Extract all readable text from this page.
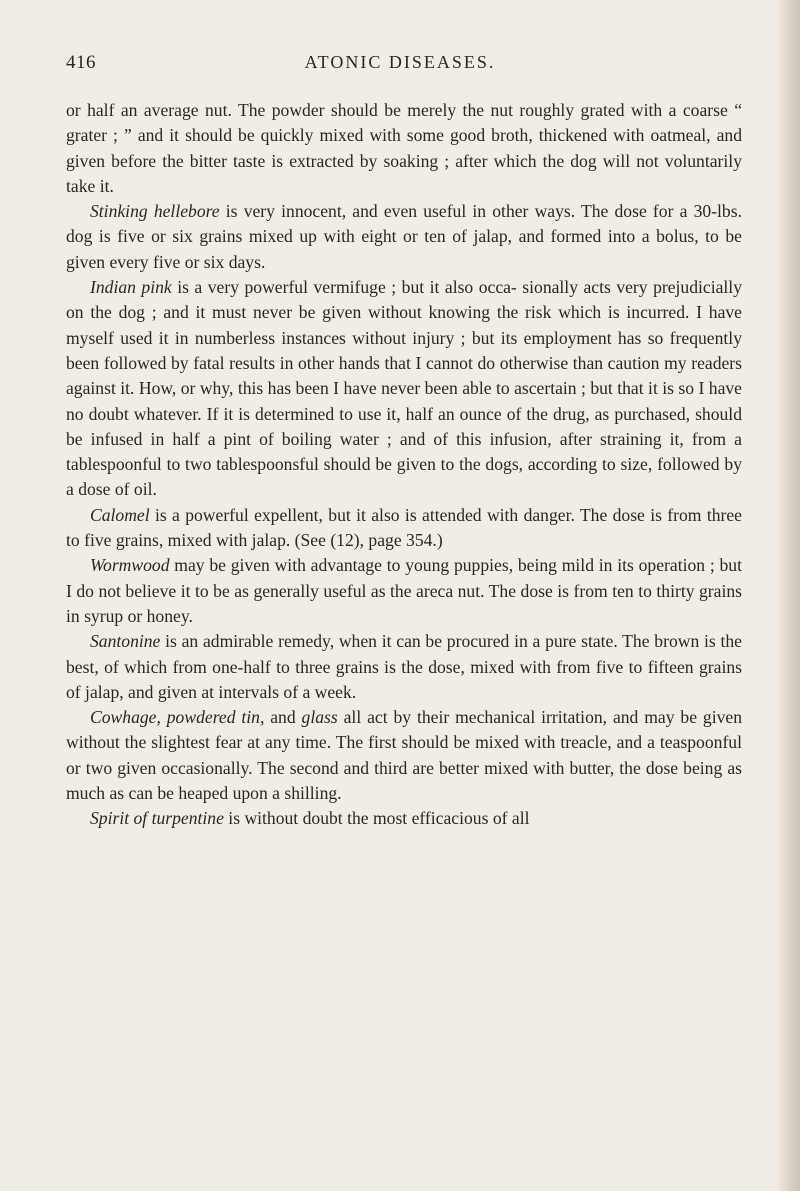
416	ATONIC DISEASES.

or half an average nut. The powder should be merely the nut roughly grated with a coarse “ grater ; ” and it should be quickly mixed with some good broth, thickened with oatmeal, and given before the bitter taste is extracted by soaking ; after which the dog will not voluntarily take it.

Stinking hellebore is very innocent, and even useful in other ways. The dose for a 30-lbs. dog is five or six grains mixed up with eight or ten of jalap, and formed into a bolus, to be given every five or six days.

Indian pink is a very powerful vermifuge ; but it also occa- sionally acts very prejudicially on the dog ; and it must never be given without knowing the risk which is incurred. I have myself used it in numberless instances without injury ; but its employment has so frequently been followed by fatal results in other hands that I cannot do otherwise than caution my readers against it. How, or why, this has been I have never been able to ascertain ; but that it is so I have no doubt whatever. If it is determined to use it, half an ounce of the drug, as purchased, should be infused in half a pint of boiling water ; and of this infusion, after straining it, from a tablespoonful to two tablespoonsful should be given to the dogs, according to size, followed by a dose of oil.

Calomel is a powerful expellent, but it also is attended with danger. The dose is from three to five grains, mixed with jalap. (See (12), page 354.)

Wormwood may be given with advantage to young puppies, being mild in its operation ; but I do not believe it to be as generally useful as the areca nut. The dose is from ten to thirty grains in syrup or honey.

Santonine is an admirable remedy, when it can be procured in a pure state. The brown is the best, of which from one-half to three grains is the dose, mixed with from five to fifteen grains of jalap, and given at intervals of a week.

Cowhage, powdered tin, and glass all act by their mechanical irritation, and may be given without the slightest fear at any time. The first should be mixed with treacle, and a teaspoonful or two given occasionally. The second and third are better mixed with butter, the dose being as much as can be heaped upon a shilling.

Spirit of turpentine is without doubt the most efficacious of all
